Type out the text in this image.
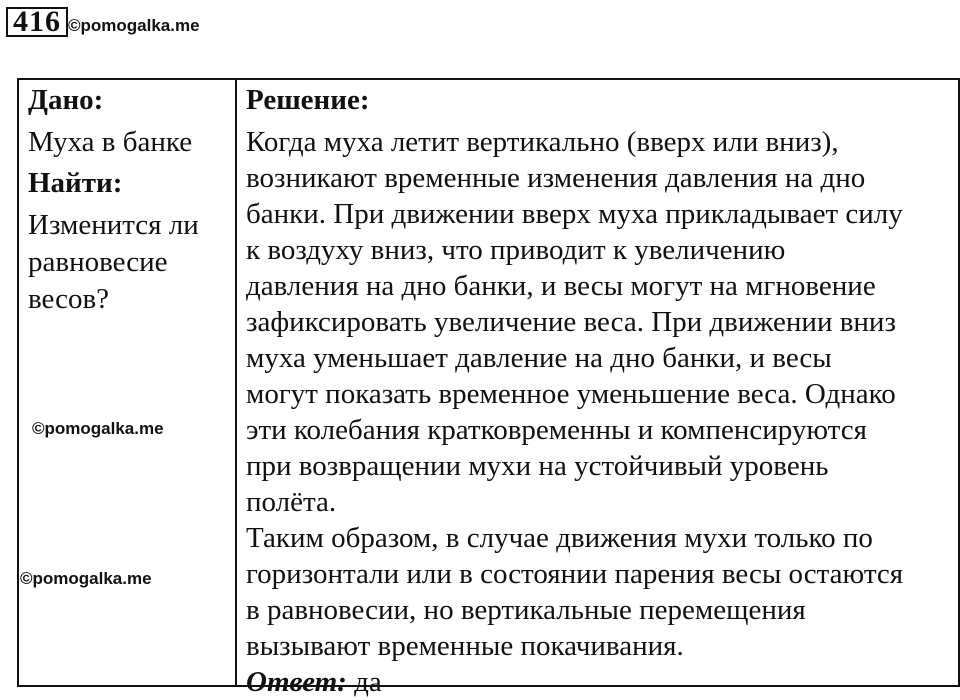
416 ©pomogalka.me
Дано:
Муха в банке
Найти:
Изменится ли
равновесие
весов?
Решение:
Когда муха летит вертикально (вверх или вниз),
возникают временные изменения давления на дно
банки. При движении вверх муха прикладывает силу
к воздуху вниз, что приводит к увеличению
давления на дно банки, и весы могут на мгновение
зафиксировать увеличение веса. При движении вниз
муха уменьшает давление на дно банки, и весы
могут показать временное уменьшение веса. Однако
эти колебания кратковременны и компенсируются
при возвращении мухи на устойчивый уровень
полёта.
Таким образом, в случае движения мухи только по
горизонтали или в состоянии парения весы остаются
в равновесии, но вертикальные перемещения
вызывают временные покачивания.
Ответ: да
©pomogalka.me
©pomogalka.me
